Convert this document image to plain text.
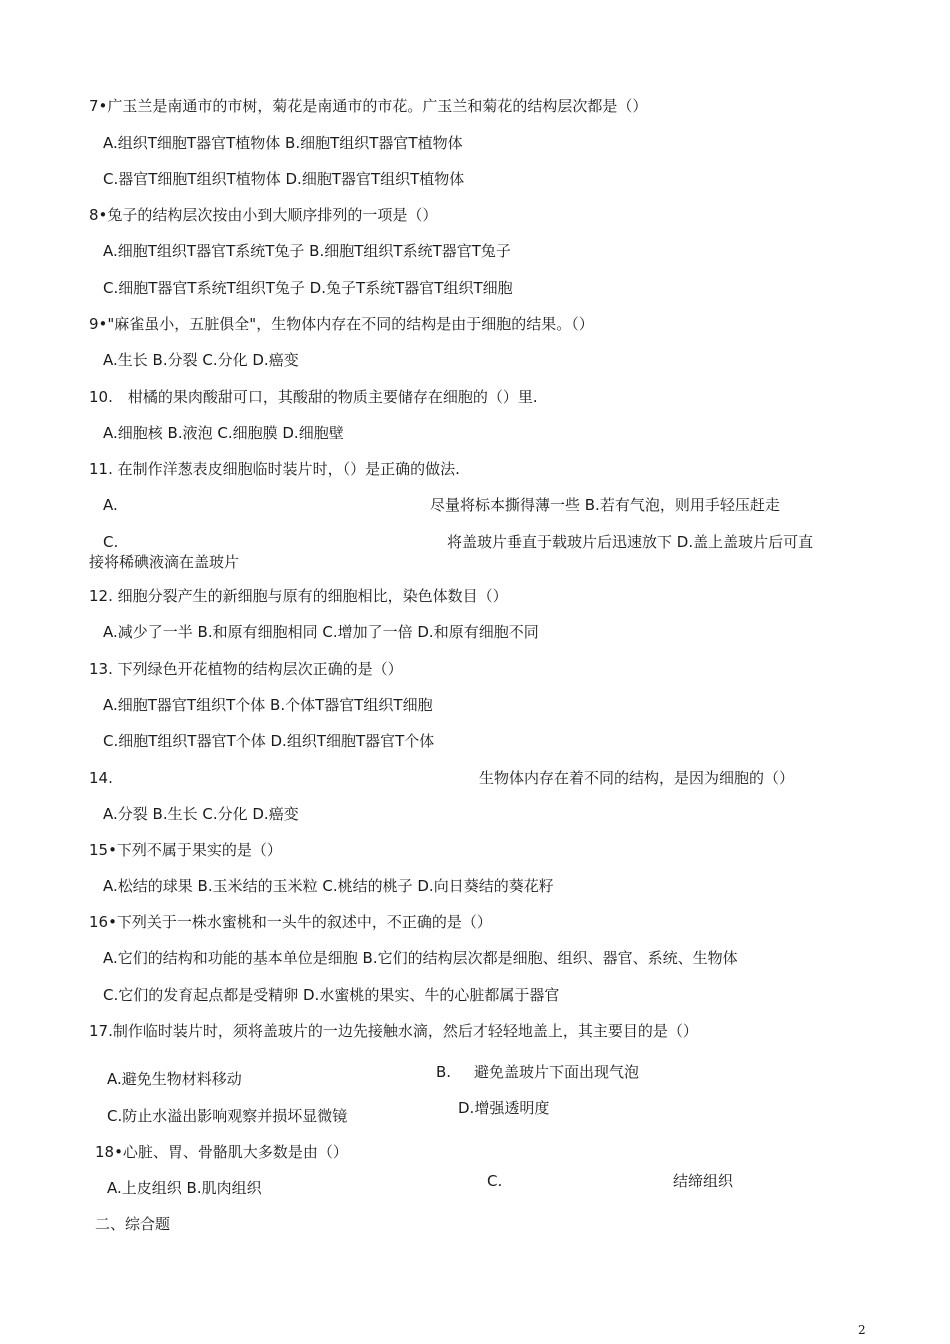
7•广玉兰是南通市的市树，菊花是南通市的市花。广玉兰和菊花的结构层次都是（）
A.组织T细胞T器官T植物体 B.细胞T组织T器官T植物体
C.器官T细胞T组织T植物体 D.细胞T器官T组织T植物体
8•兔子的结构层次按由小到大顺序排列的一项是（）
A.细胞T组织T器官T系统T兔子 B.细胞T组织T系统T器官T兔子
C.细胞T器官T系统T组织T兔子 D.兔子T系统T器官T组织T细胞
9•"麻雀虽小，五脏俱全"，生物体内存在不同的结构是由于细胞的结果。（）
A.生长 B.分裂 C.分化 D.癌变
10.　柑橘的果肉酸甜可口，其酸甜的物质主要储存在细胞的（）里.
A.细胞核 B.液泡 C.细胞膜 D.细胞壁
11. 在制作洋葱表皮细胞临时装片时，（）是正确的做法.
A.	尽量将标本撕得薄一些 B.若有气泡，则用手轻压赶走
C.	将盖玻片垂直于载玻片后迅速放下 D.盖上盖玻片后可直
接将稀碘液滴在盖玻片
12. 细胞分裂产生的新细胞与原有的细胞相比，染色体数目（）
A.减少了一半 B.和原有细胞相同 C.增加了一倍 D.和原有细胞不同
13. 下列绿色开花植物的结构层次正确的是（）
A.细胞T器官T组织T个体 B.个体T器官T组织T细胞
C.细胞T组织T器官T个体 D.组织T细胞T器官T个体
14.	生物体内存在着不同的结构，是因为细胞的（）
A.分裂 B.生长 C.分化 D.癌变
15•下列不属于果实的是（）
A.松结的球果 B.玉米结的玉米粒 C.桃结的桃子 D.向日葵结的葵花籽
16•下列关于一株水蜜桃和一头牛的叙述中，不正确的是（）
A.它们的结构和功能的基本单位是细胞 B.它们的结构层次都是细胞、组织、器官、系统、生物体
C.它们的发育起点都是受精卵 D.水蜜桃的果实、牛的心脏都属于器官
17.制作临时装片时，须将盖玻片的一边先接触水滴，然后才轻轻地盖上，其主要目的是（）
A.避免生物材料移动	B. 避免盖玻片下面出现气泡
C.防止水溢出影响观察并损坏显微镜	D.增强透明度
18•心脏、胃、骨骼肌大多数是由（）
A.上皮组织 B.肌肉组织	C.	结缔组织
二、综合题
2
